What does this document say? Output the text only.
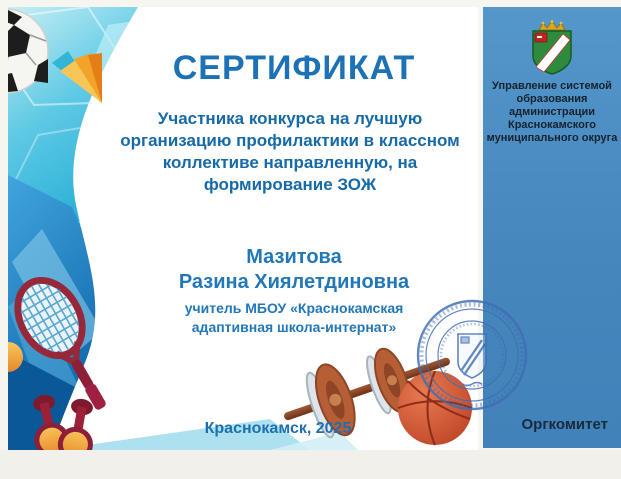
СЕРТИФИКАТ
Участника конкурса на лучшую
организацию профилактики в классном
коллективе направленную, на
формирование ЗОЖ
Мазитова
Разина Хиялетдиновна
учитель МБОУ «Краснокамская
адаптивная школа-интернат»
Краснокамск, 2025
Управление системой
образования
администрации
Краснокамского
муниципального округа
Оргкомитет
